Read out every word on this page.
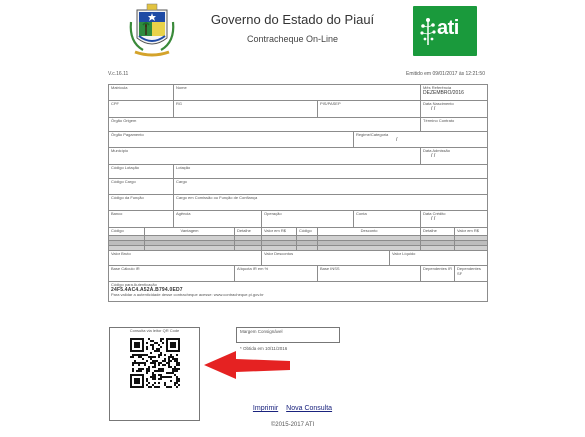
Governo do Estado do Piauí
Contracheque On-Line	ati
V.c.16.11	Emitido em 09/01/2017 às 12:21:50
Matrícula		Nome							Mês Referência
DEZEMBRO/2016	

CPF		RG				PIS/PASEP			Data Nascimento
/ /	

Órgão Origem									Término Contrato	
Órgão Pagamento							Regime/Categoria
/			

Município									Data Admissão
/ /	

Código Lotação		Lotação								
Código Cargo		Cargo								
Código da Função		Cargo em Comissão ou Função de Confiança								
Banco		Agência		Operação			Conta		Data Crédito
/ /	

Código	Vantagem		Detalhe	Valor em R$	Código	Desconto			Detalhe	Valor em R$

Valor Bruto				Valor Descontos				Valor Líquido		
Base Cálculo IR			Alíquota IR em %			Base INSS			Dependentes IR	Dependentes SF
Código para Autenticação
24F5.4AC4.A52A.B794.0ED7
Para validar a autenticidade desse contracheque acesse: www.contracheque.pi.gov.br										
Consulta via leitor QR Code	Margem Consignável
* Obtida em 10/11/2016
Imprimir Nova Consulta
©2015-2017 ATI
